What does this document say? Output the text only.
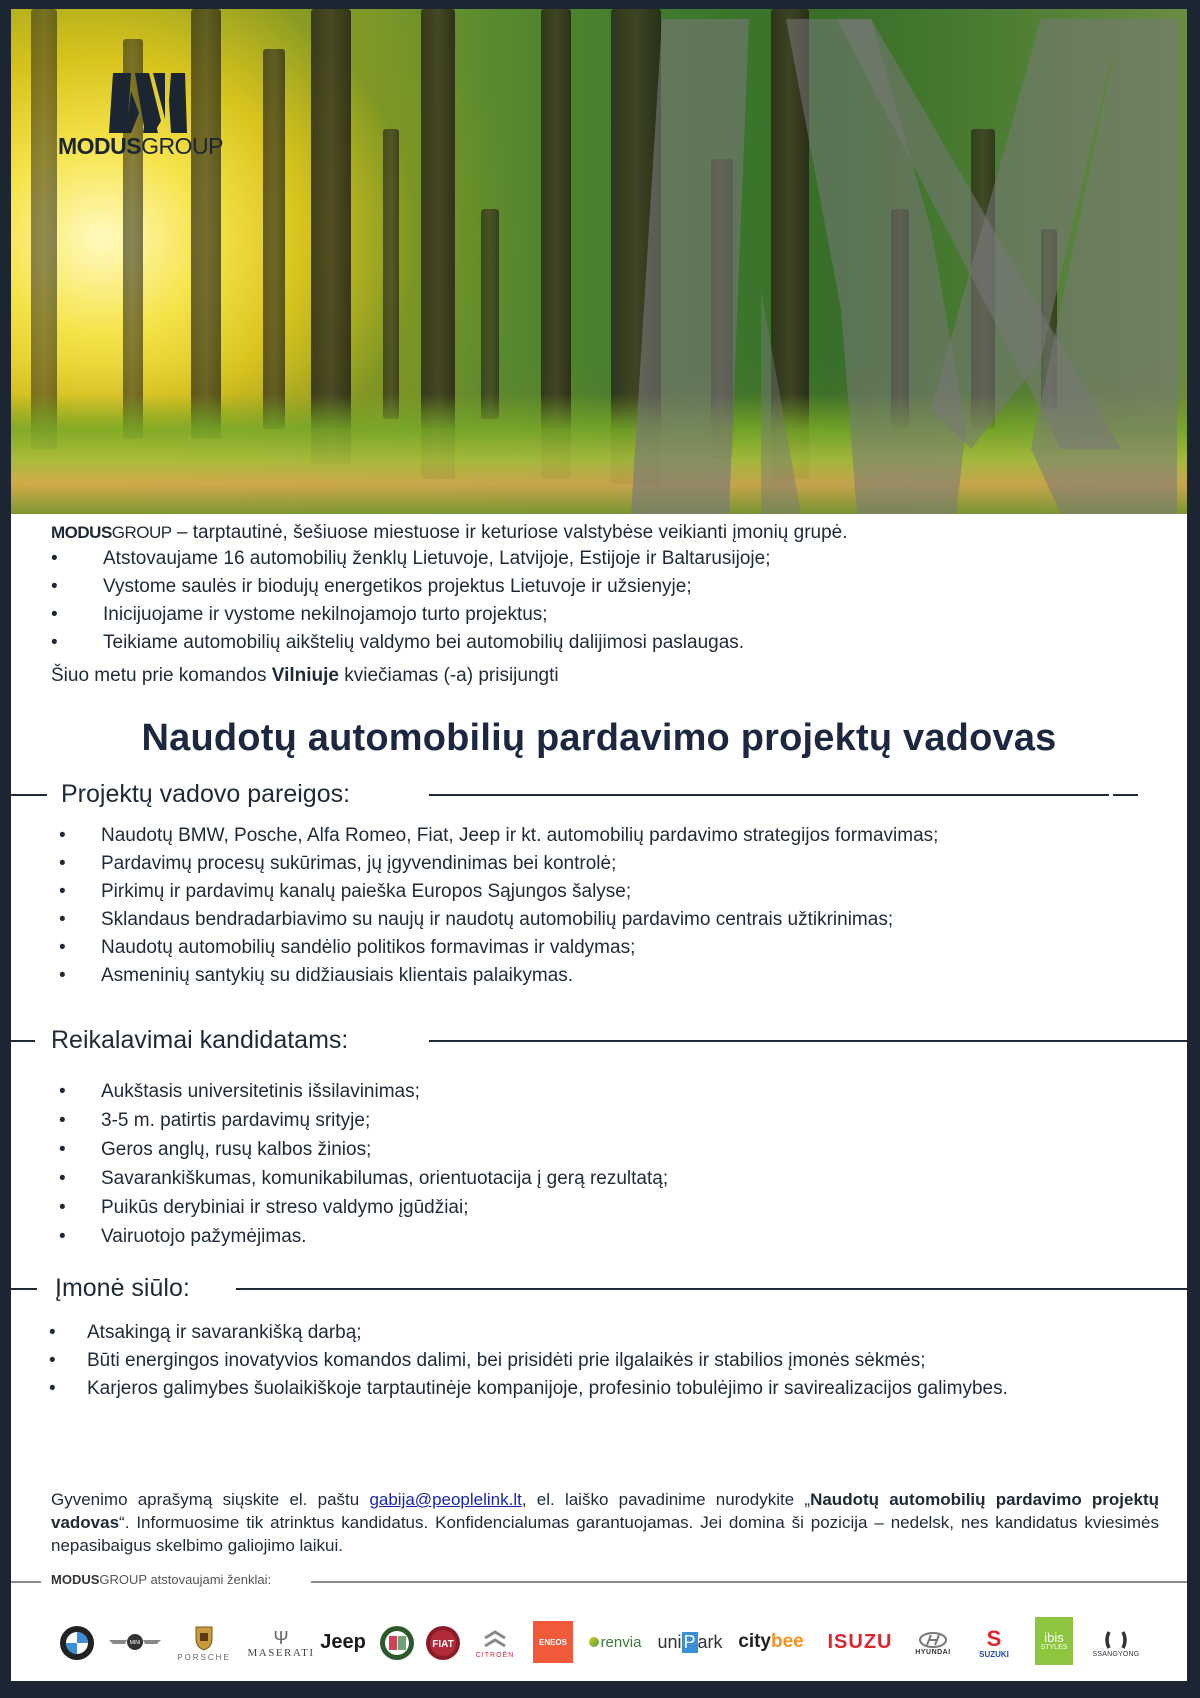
MODUSGROUP
MODUSGROUP – tarptautinė, šešiuose miestuose ir keturiose valstybėse veikianti įmonių grupė.
• Atstovaujame 16 automobilių ženklų Lietuvoje, Latvijoje, Estijoje ir Baltarusijoje;
• Vystome saulės ir biodujų energetikos projektus Lietuvoje ir užsienyje;
• Inicijuojame ir vystome nekilnojamojo turto projektus;
• Teikiame automobilių aikštelių valdymo bei automobilių dalijimosi paslaugas.
Šiuo metu prie komandos Vilniuje kviečiamas (-a) prisijungti
Naudotų automobilių pardavimo projektų vadovas
Projektų vadovo pareigos:
• Naudotų BMW, Posche, Alfa Romeo, Fiat, Jeep ir kt. automobilių pardavimo strategijos formavimas;
• Pardavimų procesų sukūrimas, jų įgyvendinimas bei kontrolė;
• Pirkimų ir pardavimų kanalų paieška Europos Sąjungos šalyse;
• Sklandaus bendradarbiavimo su naujų ir naudotų automobilių pardavimo centrais užtikrinimas;
• Naudotų automobilių sandėlio politikos formavimas ir valdymas;
• Asmeninių santykių su didžiausiais klientais palaikymas.
Reikalavimai kandidatams:
• Aukštasis universitetinis išsilavinimas;
• 3-5 m. patirtis pardavimų srityje;
• Geros anglų, rusų kalbos žinios;
• Savarankiškumas, komunikabilumas, orientuotacija į gerą rezultatą;
• Puikūs derybiniai ir streso valdymo įgūdžiai;
• Vairuotojo pažymėjimas.
Įmonė siūlo:
• Atsakingą ir savarankišką darbą;
• Būti energingos inovatyvios komandos dalimi, bei prisidėti prie ilgalaikės ir stabilios įmonės sėkmės;
• Karjeros galimybes šuolaikiškoje tarptautinėje kompanijoje, profesinio tobulėjimo ir savirealizacijos galimybes.
Gyvenimo aprašymą siųskite el. paštu gabija@peoplelink.lt, el. laiško pavadinime nurodykite „Naudotų automobilių pardavimo projektų vadovas“. Informuosime tik atrinktus kandidatus. Konfidencialumas garantuojamas. Jei domina ši pozicija – nedelsk, nes kandidatus kviesimės nepasibaigus skelbimo galiojimo laikui.
MODUSGROUP atstovaujami ženklai:
MINI
PORSCHE
Ψ
MASERATI
Jeep	FIAT
CITROËN
ENEOS renvia uni P ark city bee ISUZU	HYUNDAI
S
SUZUKI
ibis
STYLES
SSANGYONG
